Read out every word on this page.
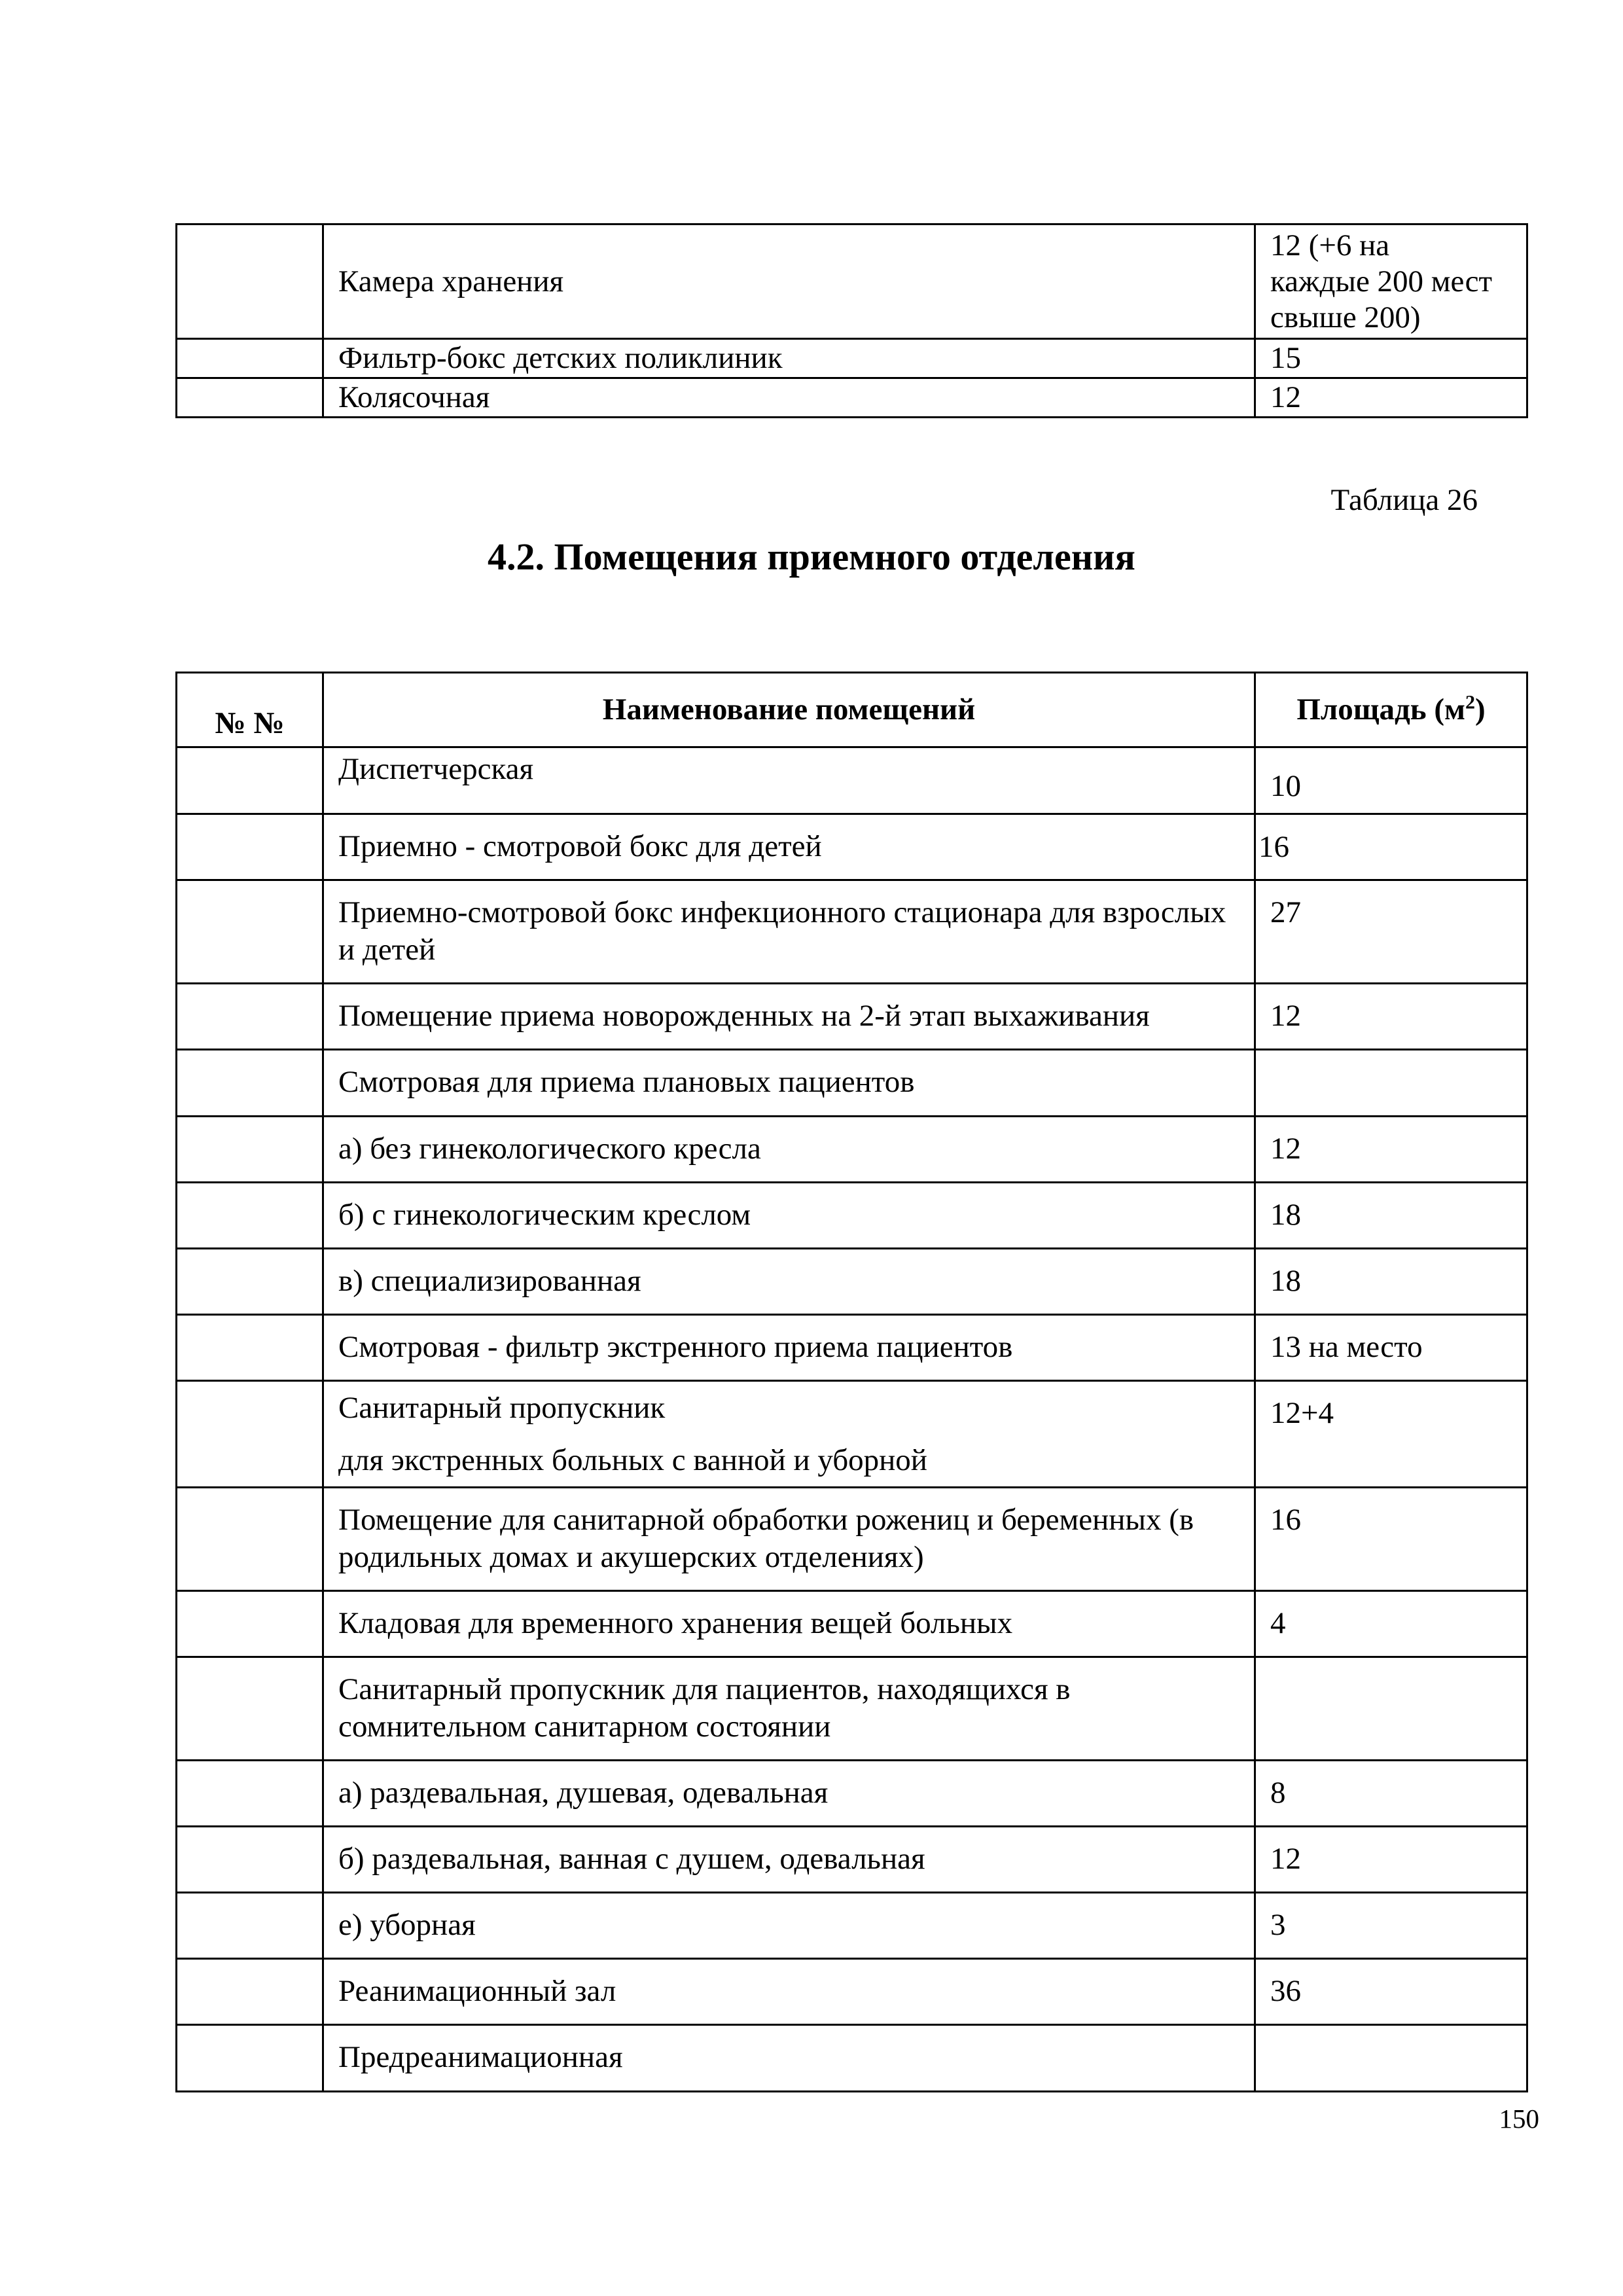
	Камера хранения	12 (+6 на
каждые 200 мест
свыше 200)

	Фильтр-бокс детских поликлиник	15

	Колясочная	12
Таблица 26
4.2. Помещения приемного отделения
№ №	Наименование помещений	Площадь $(м^2)$

	Диспетчерская	10

	Приемно - смотровой бокс для детей	16

	Приемно-смотровой бокс инфекционного стационара для взрослых и детей	27

	Помещение приема новорожденных на 2-й этап выхаживания	12

	Смотровая для приема плановых пациентов	

	а) без гинекологического кресла	12

	б) с гинекологическим креслом	18

	в) специализированная	18

	Смотровая - фильтр экстренного приема пациентов	13 на место

	Санитарный пропускник
для экстренных больных с ванной и уборной	12+4

	Помещение для санитарной обработки рожениц и беременных (в родильных домах и акушерских отделениях)	16

	Кладовая для временного хранения вещей больных	4

	Санитарный пропускник для пациентов, находящихся в сомнительном санитарном состоянии	

	а) раздевальная, душевая, одевальная	8

	б) раздевальная, ванная с душем, одевальная	12

	е) уборная	3

	Реанимационный зал	36

	Предреанимационная	

150
